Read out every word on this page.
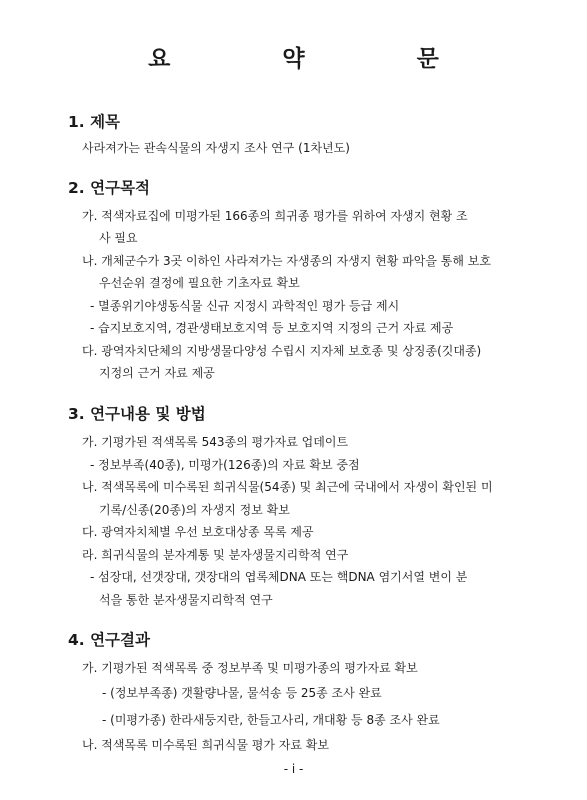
요 약 문
1. 제목
사라져가는 관속식물의 자생지 조사 연구 (1차년도)
2. 연구목적
가. 적색자료집에 미평가된 166종의 희귀종 평가를 위하여 자생지 현황 조
사 필요
나. 개체군수가 3곳 이하인 사라져가는 자생종의 자생지 현황 파악을 통해 보호
우선순위 결정에 필요한 기초자료 확보
- 멸종위기야생동식물 신규 지정시 과학적인 평가 등급 제시
- 습지보호지역, 경관생태보호지역 등 보호지역 지정의 근거 자료 제공
다. 광역자치단체의 지방생물다양성 수립시 지자체 보호종 및 상징종(깃대종)
지정의 근거 자료 제공
3. 연구내용 및 방법
가. 기평가된 적색목록 543종의 평가자료 업데이트
- 정보부족(40종), 미평가(126종)의 자료 확보 중점
나. 적색목록에 미수록된 희귀식물(54종) 및 최근에 국내에서 자생이 확인된 미
기록/신종(20종)의 자생지 정보 확보
다. 광역자치체별 우선 보호대상종 목록 제공
라. 희귀식물의 분자계통 및 분자생물지리학적 연구
- 섬장대, 선갯장대, 갯장대의 엽록체DNA 또는 핵DNA 염기서열 변이 분
석을 통한 분자생물지리학적 연구
4. 연구결과
가. 기평가된 적색목록 중 정보부족 및 미평가종의 평가자료 확보
- (정보부족종) 갯활량나물, 물석송 등 25종 조사 완료
- (미평가종) 한라새둥지란, 한들고사리, 개대황 등 8종 조사 완료
나. 적색목록 미수록된 희귀식물 평가 자료 확보
- i -
